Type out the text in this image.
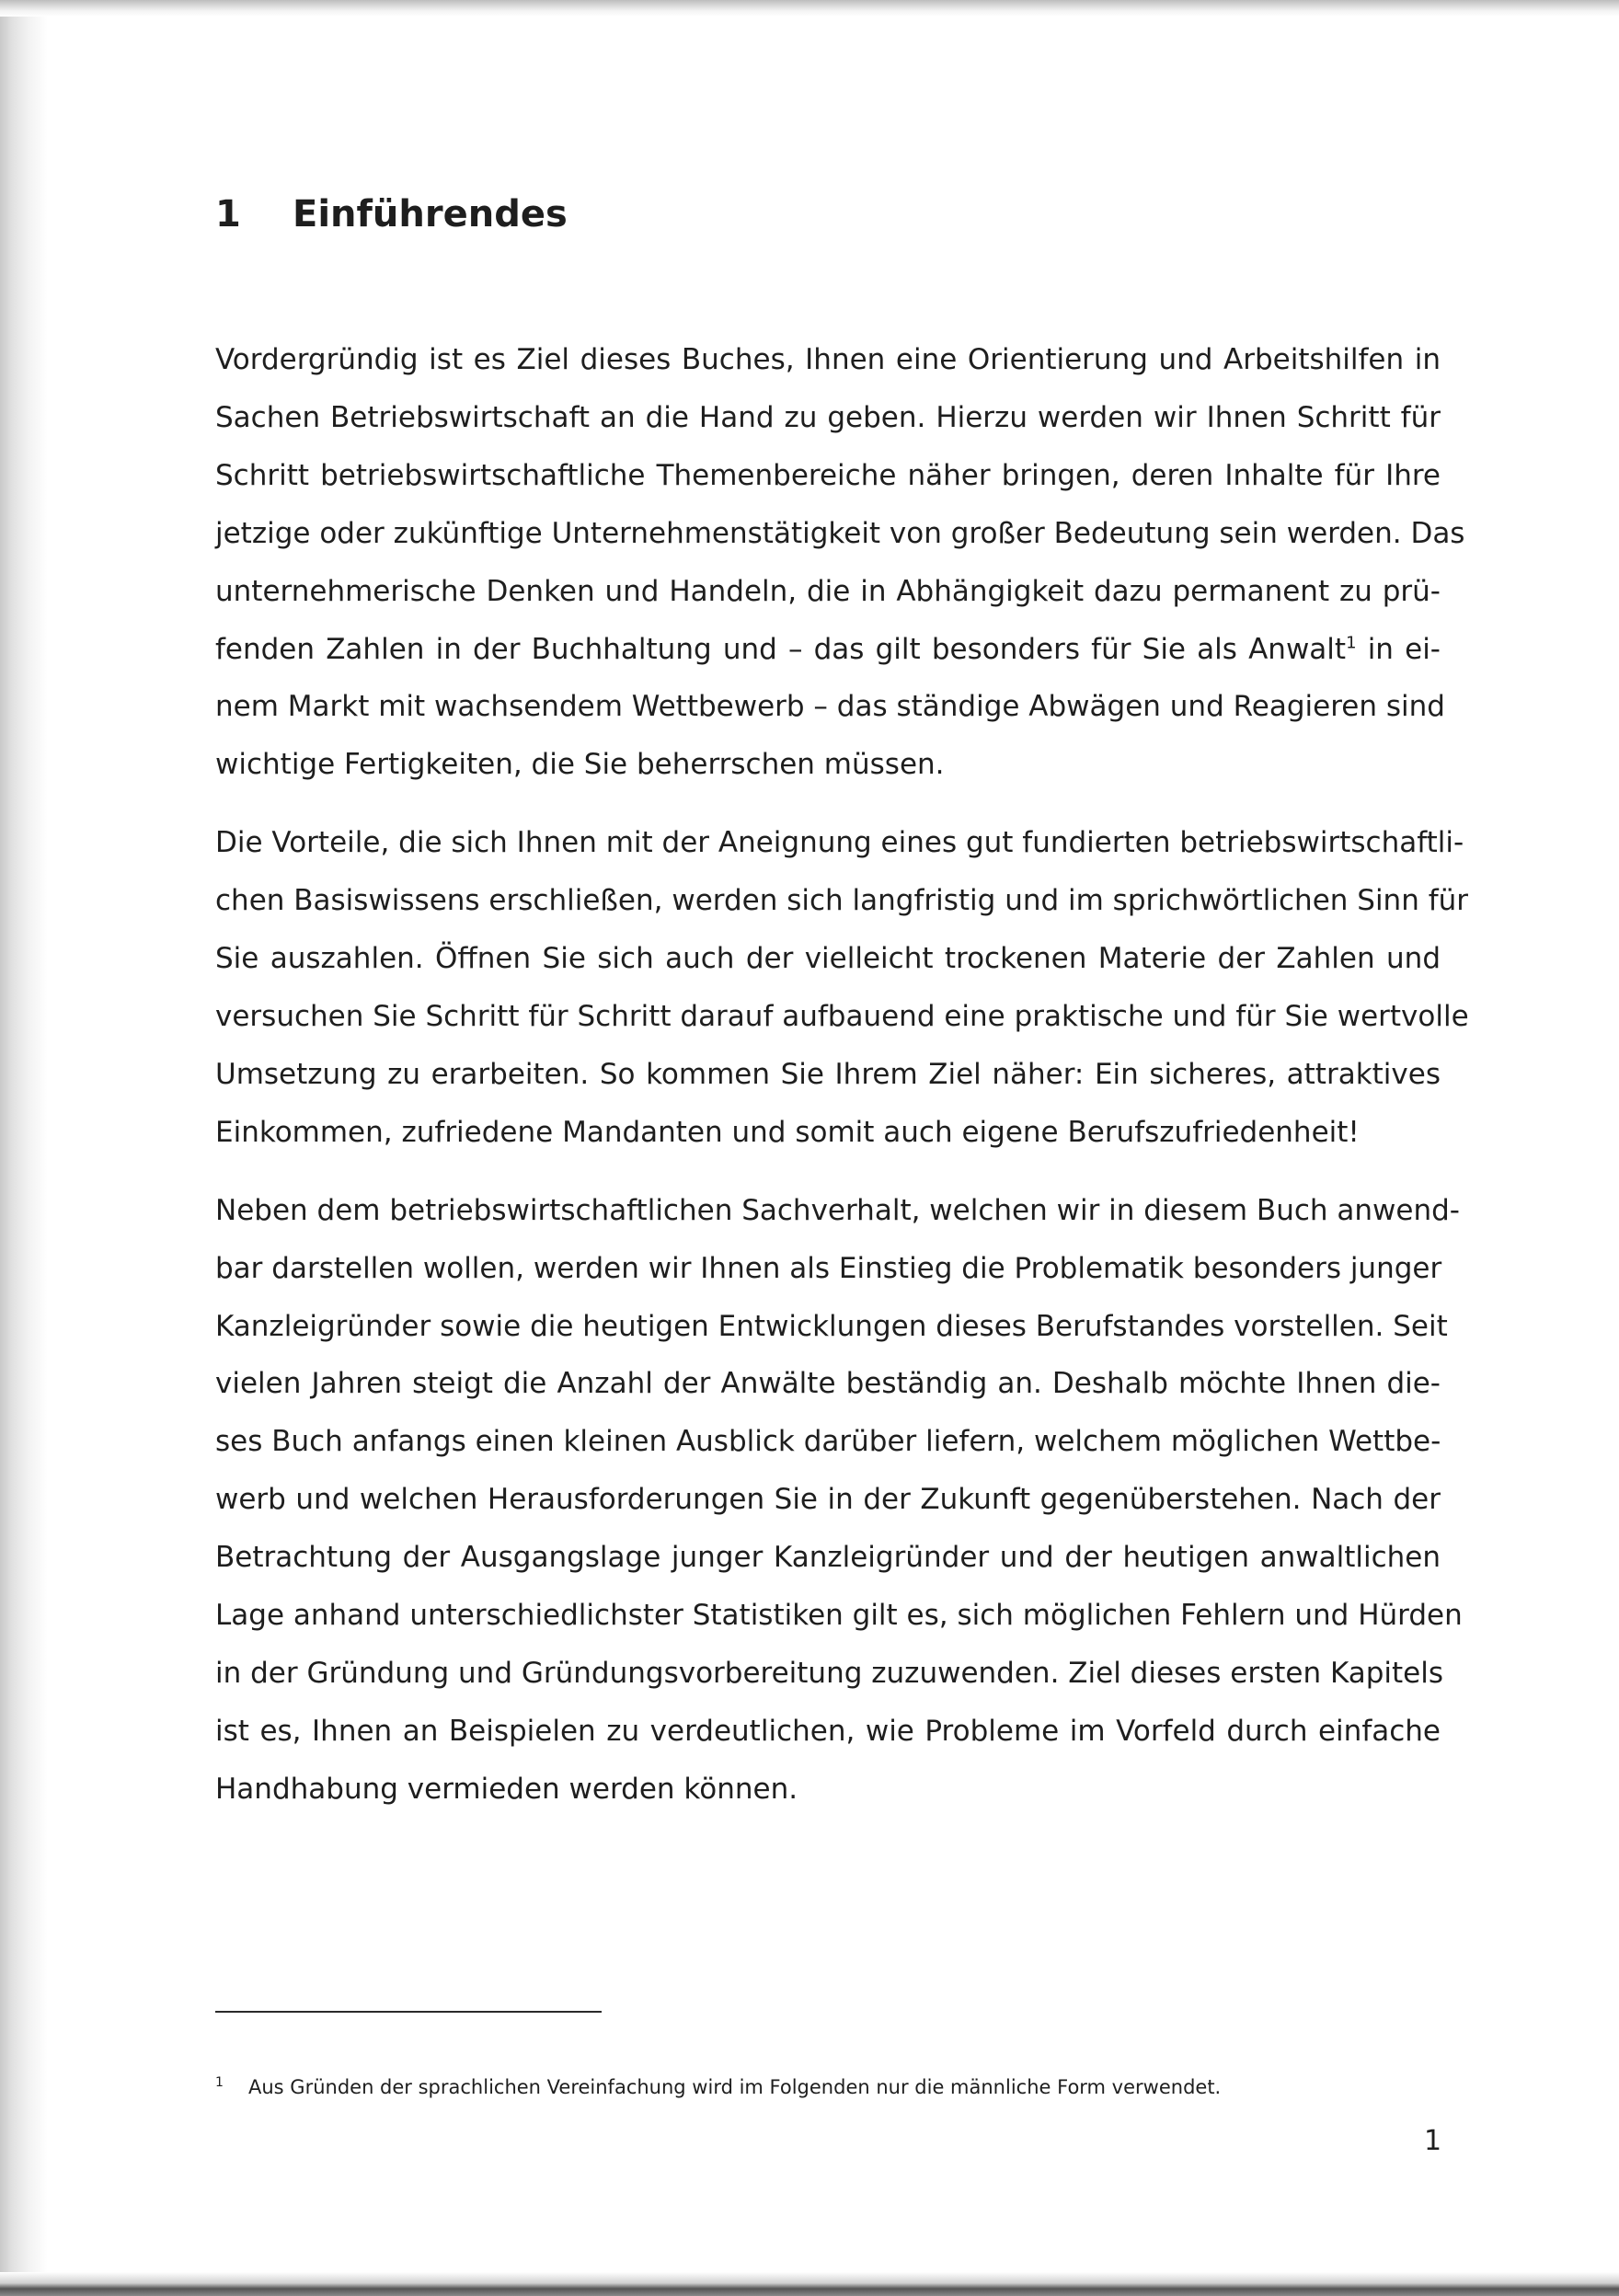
1 Einführendes

Vordergründig ist es Ziel dieses Buches, Ihnen eine Orientierung und Arbeitshilfen in
Sachen Betriebswirtschaft an die Hand zu geben. Hierzu werden wir Ihnen Schritt für
Schritt betriebswirtschaftliche Themenbereiche näher bringen, deren Inhalte für Ihre
jetzige oder zukünftige Unternehmenstätigkeit von großer Bedeutung sein werden. Das
unternehmerische Denken und Handeln, die in Abhängigkeit dazu permanent zu prü-
fenden Zahlen in der Buchhaltung und – das gilt besonders für Sie als Anwalt$^1$ in ei-
nem Markt mit wachsendem Wettbewerb – das ständige Abwägen und Reagieren sind
wichtige Fertigkeiten, die Sie beherrschen müssen.

Die Vorteile, die sich Ihnen mit der Aneignung eines gut fundierten betriebswirtschaftli-
chen Basiswissens erschließen, werden sich langfristig und im sprichwörtlichen Sinn für
Sie auszahlen. Öffnen Sie sich auch der vielleicht trockenen Materie der Zahlen und
versuchen Sie Schritt für Schritt darauf aufbauend eine praktische und für Sie wertvolle
Umsetzung zu erarbeiten. So kommen Sie Ihrem Ziel näher: Ein sicheres, attraktives
Einkommen, zufriedene Mandanten und somit auch eigene Berufszufriedenheit!

Neben dem betriebswirtschaftlichen Sachverhalt, welchen wir in diesem Buch anwend-
bar darstellen wollen, werden wir Ihnen als Einstieg die Problematik besonders junger
Kanzleigründer sowie die heutigen Entwicklungen dieses Berufstandes vorstellen. Seit
vielen Jahren steigt die Anzahl der Anwälte beständig an. Deshalb möchte Ihnen die-
ses Buch anfangs einen kleinen Ausblick darüber liefern, welchem möglichen Wettbe-
werb und welchen Herausforderungen Sie in der Zukunft gegenüberstehen. Nach der
Betrachtung der Ausgangslage junger Kanzleigründer und der heutigen anwaltlichen
Lage anhand unterschiedlichster Statistiken gilt es, sich möglichen Fehlern und Hürden
in der Gründung und Gründungsvorbereitung zuzuwenden. Ziel dieses ersten Kapitels
ist es, Ihnen an Beispielen zu verdeutlichen, wie Probleme im Vorfeld durch einfache
Handhabung vermieden werden können.

1 Aus Gründen der sprachlichen Vereinfachung wird im Folgenden nur die männliche Form verwendet.
1
